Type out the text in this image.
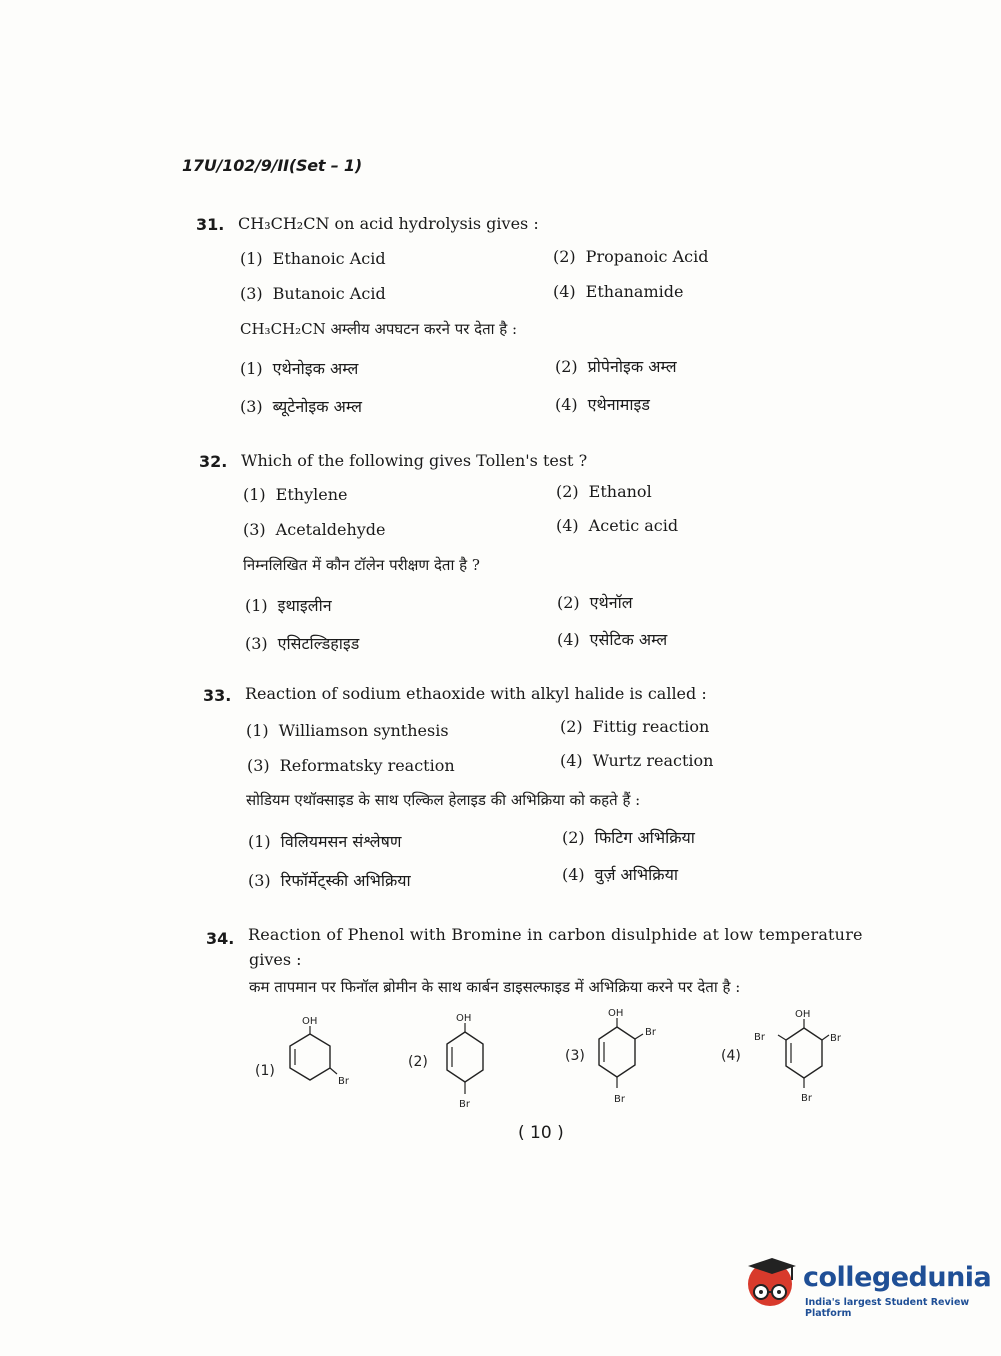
17U/102/9/II(Set – 1)
31. CH₃CH₂CN on acid hydrolysis gives :
(1) Ethanoic Acid	(2) Propanoic Acid
(3) Butanoic Acid	(4) Ethanamide
CH₃CH₂CN अम्लीय अपघटन करने पर देता है :
(1) एथेनोइक अम्ल	(2) प्रोपेनोइक अम्ल
(3) ब्यूटेनोइक अम्ल	(4) एथेनामाइड
32. Which of the following gives Tollen's test ?
(1) Ethylene	(2) Ethanol
(3) Acetaldehyde	(4) Acetic acid
निम्नलिखित में कौन टॉलेन परीक्षण देता है ?
(1) इथाइलीन	(2) एथेनॉल
(3) एसिटल्डिहाइड	(4) एसेटिक अम्ल
33. Reaction of sodium ethaoxide with alkyl halide is called :
(1) Williamson synthesis	(2) Fittig reaction
(3) Reformatsky reaction	(4) Wurtz reaction
सोडियम एथॉक्साइड के साथ एल्किल हेलाइड की अभिक्रिया को कहते हैं :
(1) विलियमसन संश्लेषण	(2) फिटिग अभिक्रिया
(3) रिफॉर्मेट्स्की अभिक्रिया	(4) वुर्ज़ अभिक्रिया
34. Reaction of Phenol with Bromine in carbon disulphide at low temperature
gives :
कम तापमान पर फिनॉल ब्रोमीन के साथ कार्बन डाइसल्फाइड में अभिक्रिया करने पर देता है :
(1)
OH
Br
(2)
OH
Br
(3)
OH
Br
Br
(4)
OH
Br	Br
Br
( 10 )
collegedunia
India's largest Student Review Platform
